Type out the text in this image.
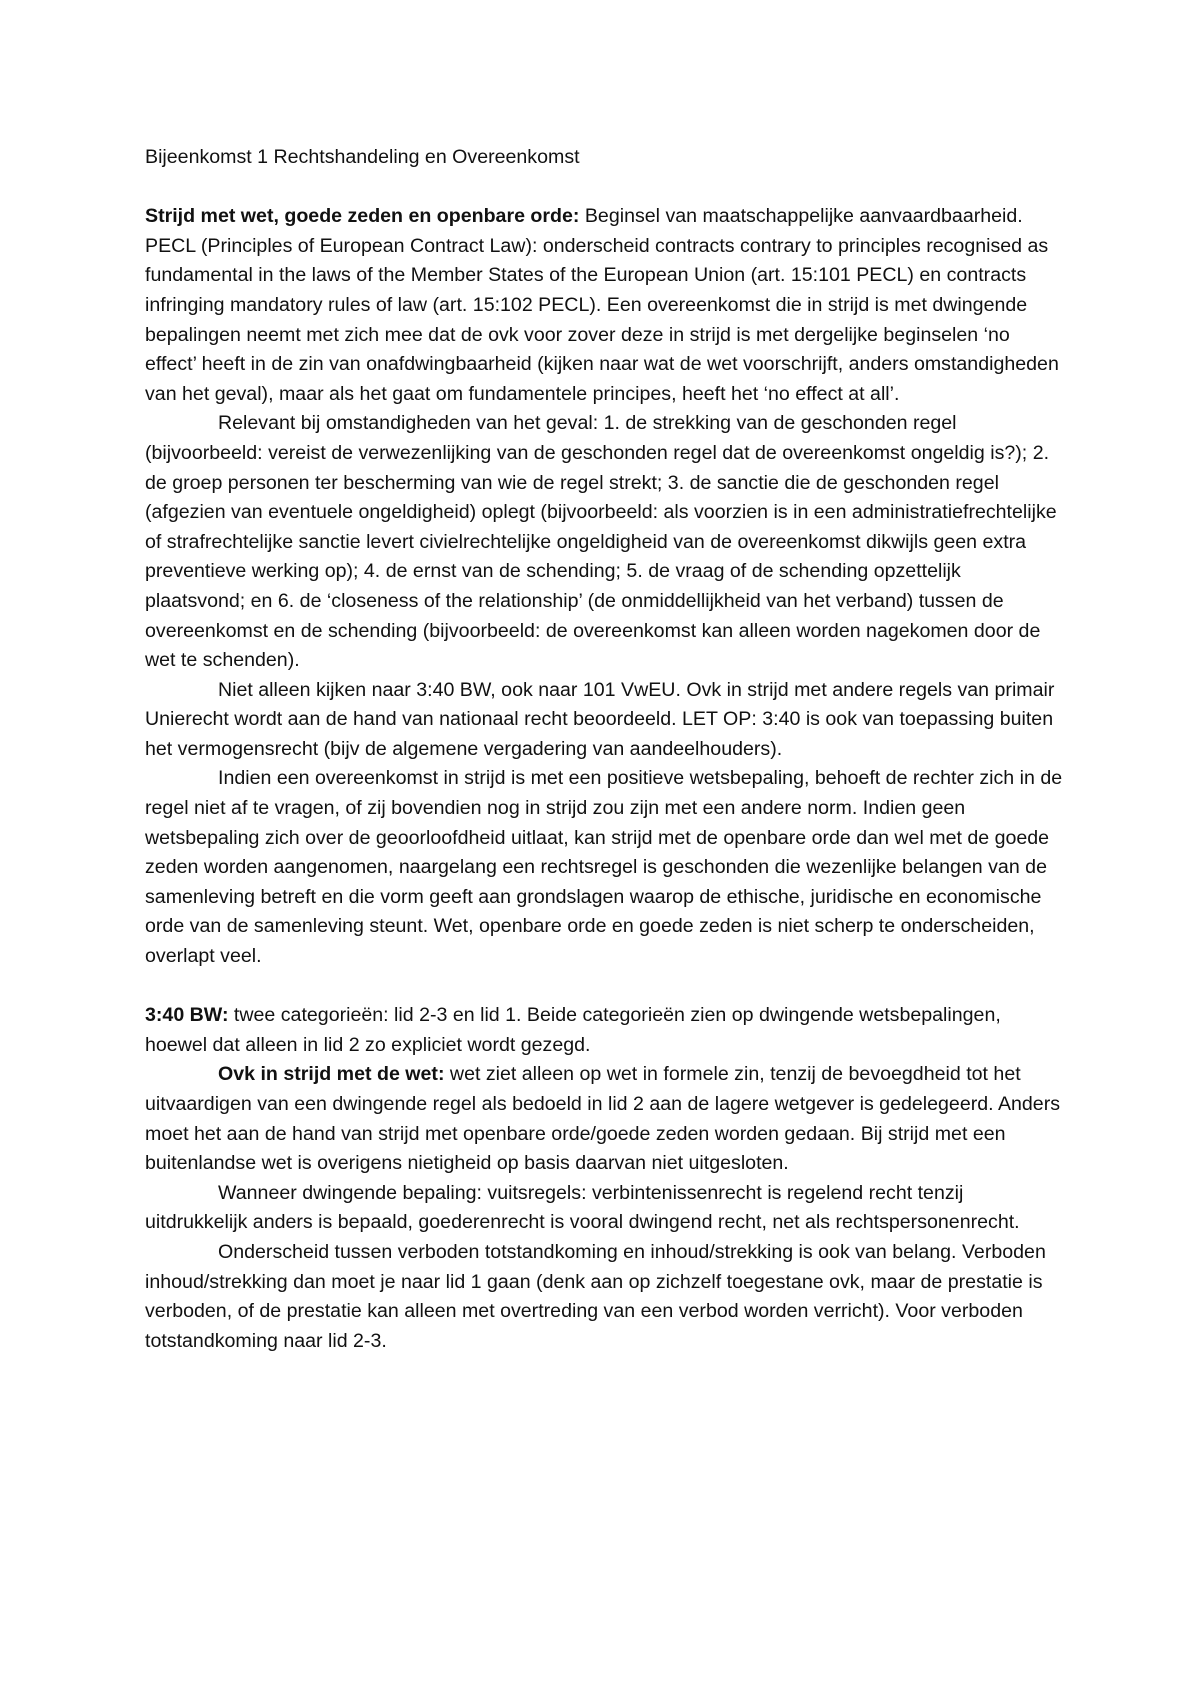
Bijeenkomst 1 Rechtshandeling en Overeenkomst

Strijd met wet, goede zeden en openbare orde: Beginsel van maatschappelijke aanvaardbaarheid. PECL (Principles of European Contract Law): onderscheid contracts contrary to principles recognised as fundamental in the laws of the Member States of the European Union (art. 15:101 PECL) en contracts infringing mandatory rules of law (art. 15:102 PECL). Een overeenkomst die in strijd is met dwingende bepalingen neemt met zich mee dat de ovk voor zover deze in strijd is met dergelijke beginselen ‘no effect’ heeft in de zin van onafdwingbaarheid (kijken naar wat de wet voorschrijft, anders omstandigheden van het geval), maar als het gaat om fundamentele principes, heeft het ‘no effect at all’.

Relevant bij omstandigheden van het geval: 1. de strekking van de geschonden regel (bijvoorbeeld: vereist de verwezenlijking van de geschonden regel dat de overeenkomst ongeldig is?); 2. de groep personen ter bescherming van wie de regel strekt; 3. de sanctie die de geschonden regel (afgezien van eventuele ongeldigheid) oplegt (bijvoorbeeld: als voorzien is in een administratiefrechtelijke of strafrechtelijke sanctie levert civielrechtelijke ongeldigheid van de overeenkomst dikwijls geen extra preventieve werking op); 4. de ernst van de schending; 5. de vraag of de schending opzettelijk plaatsvond; en 6. de ‘closeness of the relationship’ (de onmiddellijkheid van het verband) tussen de overeenkomst en de schending (bijvoorbeeld: de overeenkomst kan alleen worden nagekomen door de wet te schenden).

Niet alleen kijken naar 3:40 BW, ook naar 101 VwEU. Ovk in strijd met andere regels van primair Unierecht wordt aan de hand van nationaal recht beoordeeld. LET OP: 3:40 is ook van toepassing buiten het vermogensrecht (bijv de algemene vergadering van aandeelhouders).

Indien een overeenkomst in strijd is met een positieve wetsbepaling, behoeft de rechter zich in de regel niet af te vragen, of zij bovendien nog in strijd zou zijn met een andere norm. Indien geen wetsbepaling zich over de geoorloofdheid uitlaat, kan strijd met de openbare orde dan wel met de goede zeden worden aangenomen, naargelang een rechtsregel is geschonden die wezenlijke belangen van de samenleving betreft en die vorm geeft aan grondslagen waarop de ethische, juridische en economische orde van de samenleving steunt. Wet, openbare orde en goede zeden is niet scherp te onderscheiden, overlapt veel.

3:40 BW: twee categorieën: lid 2-3 en lid 1. Beide categorieën zien op dwingende wetsbepalingen, hoewel dat alleen in lid 2 zo expliciet wordt gezegd.

Ovk in strijd met de wet: wet ziet alleen op wet in formele zin, tenzij de bevoegdheid tot het uitvaardigen van een dwingende regel als bedoeld in lid 2 aan de lagere wetgever is gedelegeerd. Anders moet het aan de hand van strijd met openbare orde/goede zeden worden gedaan. Bij strijd met een buitenlandse wet is overigens nietigheid op basis daarvan niet uitgesloten.

Wanneer dwingende bepaling: vuitsregels: verbintenissenrecht is regelend recht tenzij uitdrukkelijk anders is bepaald, goederenrecht is vooral dwingend recht, net als rechtspersonenrecht.

Onderscheid tussen verboden totstandkoming en inhoud/strekking is ook van belang. Verboden inhoud/strekking dan moet je naar lid 1 gaan (denk aan op zichzelf toegestane ovk, maar de prestatie is verboden, of de prestatie kan alleen met overtreding van een verbod worden verricht). Voor verboden totstandkoming naar lid 2-3.
